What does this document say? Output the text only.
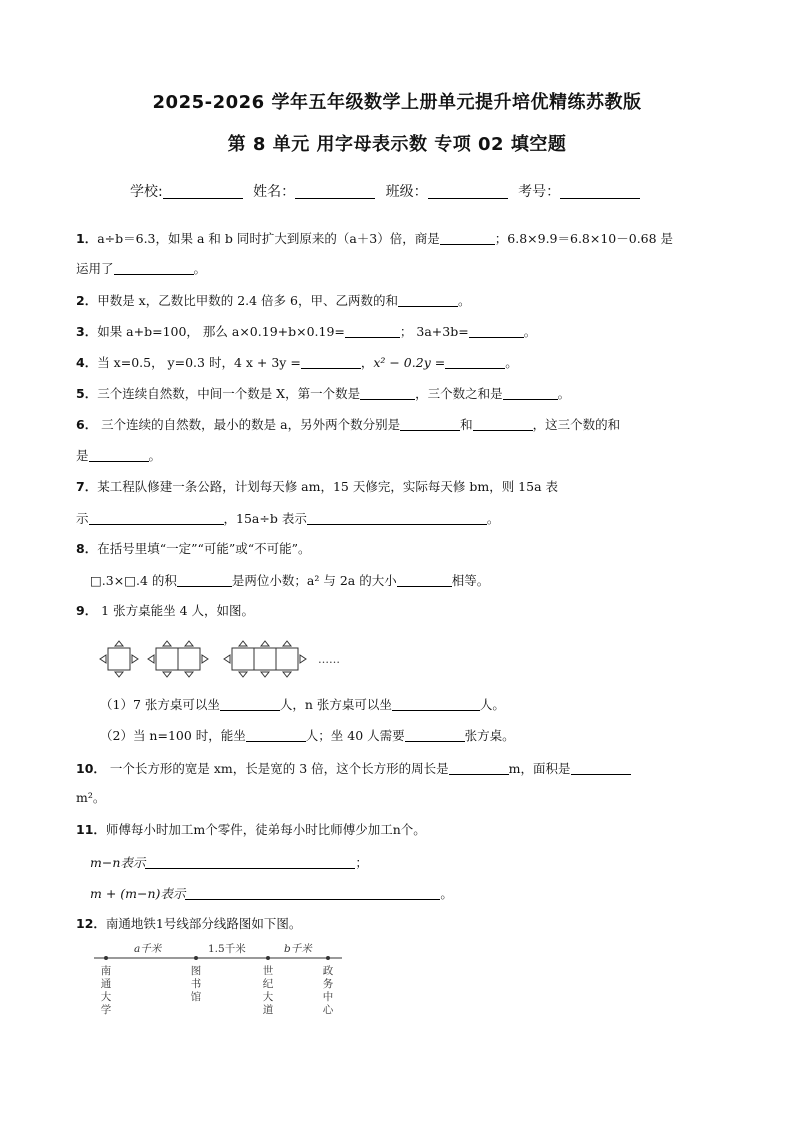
2025-2026 学年五年级数学上册单元提升培优精练苏教版
第 8 单元 用字母表示数 专项 02 填空题
学校:	姓名：	班级：	考号：
1．a÷b＝6.3，如果 a 和 b 同时扩大到原来的（a＋3）倍，商是	；6.8×9.9＝6.8×10－0.68 是
运用了	。
2．甲数是 x，乙数比甲数的 2.4 倍多 6，甲、乙两数的和	。
3．如果 a+b=100， 那么 a×0.19+b×0.19=	； 3a+3b=	。
4．当 x=0.5， y=0.3 时，4 x + 3y =	，x² − 0.2y =	。
5．三个连续自然数，中间一个数是 X，第一个数是	，三个数之和是	。
6． 三个连续的自然数，最小的数是 a，另外两个数分别是	和	，这三个数的和
是	。
7．某工程队修建一条公路，计划每天修 am，15 天修完，实际每天修 bm，则 15a 表
示	，15a÷b 表示	。
8．在括号里填“一定”“可能”或“不可能”。
□.3×□.4 的积	是两位小数；a² 与 2a 的大小	相等。
9． 1 张方桌能坐 4 人，如图。
……
（1）7 张方桌可以坐	人，n 张方桌可以坐	人。
（2）当 n=100 时，能坐	人；坐 40 人需要	张方桌。
10． 一个长方形的宽是 xm，长是宽的 3 倍，这个长方形的周长是	m，面积是
m²。
11．师傅每小时加工m个零件，徒弟每小时比师傅少加工n个。
m−n表示	；
m + (m−n)表示	。
12．南通地铁1号线部分线路图如下图。
a千米	1.5千米	b千米
南通大学
图书馆
世纪大道
政务中心
